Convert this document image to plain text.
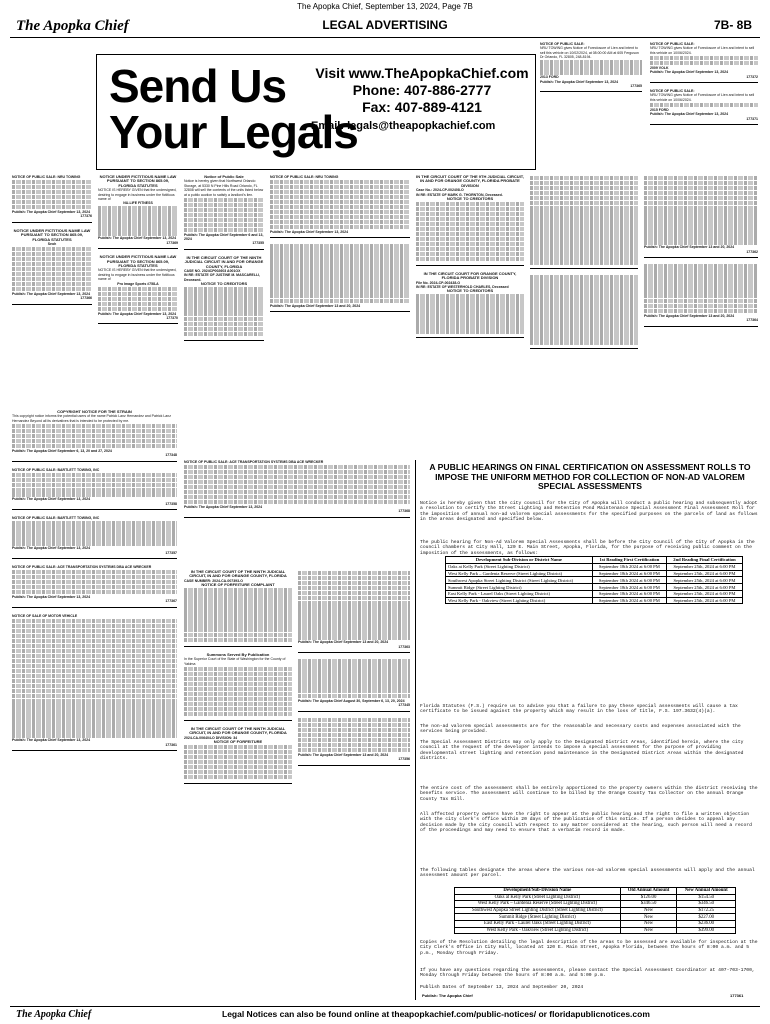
The Apopka Chief, September 13, 2024, Page 7B
The Apopka Chief	LEGAL ADVERTISING	7B- 8B
Send Us
Your Legals
Visit www.TheApopkaChief.com
Phone: 407-886-2777
Fax: 407-889-4121
Email: legals@theapopkachief.com
NOTICE OF PUBLIC SALE:
NRU TOWING gives Notice of Foreclosure of Lien and intent to sell this vehicle on 10/02/2024, at 08:00:00 AM at 605 Ferguson Dr Orlando, FL 32805, 248-8194.
2013 FORD
Publish: The Apopka Chief September 13, 2024
177365
NOTICE OF PUBLIC SALE:
NRU TOWING gives Notice of Foreclosure of Lien and intent to sell this vehicle on 10/06/2024.
2009 VOLK
Publish: The Apopka Chief September 13, 2024
177372
NOTICE OF PUBLIC SALE:
NRU TOWING gives Notice of Foreclosure of Lien and intent to sell this vehicle on 10/06/2024.
2015 FORD
Publish: The Apopka Chief September 13, 2024
177371
NOTICE OF PUBLIC SALE: NRU TOWING
Publish: The Apopka Chief September 13, 2024
177376
NOTICE UNDER FICTITIOUS NAME LAW PURSUANT TO SECTION 865.09, FLORIDA STATUTES
Seoh
Publish: The Apopka Chief September 13, 2024
177366
NOTICE UNDER FICTITIOUS NAME LAW PURSUANT TO SECTION 865.09, FLORIDA STATUTES
NOTICE IS HEREBY GIVEN that the undersigned, desiring to engage in business under the fictitious name of
NU-LIFE FITNESS
Publish: The Apopka Chief September 13, 2024
177369
NOTICE UNDER FICTITIOUS NAME LAW PURSUANT TO SECTION 865.09, FLORIDA STATUTES
NOTICE IS HEREBY GIVEN that the undersigned, desiring to engage in business under the fictitious name of
Pro Image Sports #758-A
Publish: The Apopka Chief September 13, 2024
177370
Notice of Public Sale
Notice is hereby given that Northwest Orlando Storage, at 5330 N Pine Hills Road Orlando, FL 32808 will sell the contents of the units listed below at a public auction to satisfy a landlord's lien.
Publish: The Apopka Chief September 6 and 13, 2024
177355
IN THE CIRCUIT COURT OF THE NINTH JUDICIAL CIRCUIT IN AND FOR ORANGE COUNTY, FLORIDA
CASE NO. 2024CP002603 A001OX
IN RE: ESTATE OF JUSTINE M. MASCARELLI, Deceased.
NOTICE TO CREDITORS
NOTICE OF PUBLIC SALE: NRU TOWING
Publish: The Apopka Chief September 13, 2024
Publish: The Apopka Chief September 13 and 20, 2024
IN THE CIRCUIT COURT OF THE 9TH JUDICIAL CIRCUIT, IN AND FOR ORANGE COUNTY, FLORIDA PROBATE DIVISION
Case No.: 2024-CP-002408-O
IN RE: ESTATE OF MARK G. THORNTON, Deceased.
NOTICE TO CREDITORS
IN THE CIRCUIT COURT FOR ORANGE COUNTY, FLORIDA PROBATE DIVISION
File No. 2024-CP-002438-O
IN RE: ESTATE OF WESTERHOLD CHARLES, Deceased
NOTICE TO CREDITORS
Publish: The Apopka Chief September 13 and 20, 2024
177362
Publish: The Apopka Chief September 13 and 20, 2024
177364
COPYRIGHT NOTICE FOR THE STRAIN
This copyright notice informs the potential users of the name Patrick Lanz Hernandez and Patrick Lanz Hernandez Beyond all its derivatives that is intended to be protected by me.
Publish: The Apopka Chief September 6, 13, 20 and 27, 2024
177348
NOTICE OF PUBLIC SALE: BARTLETT TOWING, INC
Publish: The Apopka Chief September 13, 2024
177358
NOTICE OF PUBLIC SALE: BARTLETT TOWING, INC
Publish: The Apopka Chief September 13, 2024
177357
NOTICE OF PUBLIC SALE: ACE TRANSPORTATION SYSTEMS DBA ACE WRECKER
Publish: The Apopka Chief September 13, 2024
177367
NOTICE OF SALE OF MOTOR VEHICLE
Publish: The Apopka Chief September 13, 2024
177361
NOTICE OF PUBLIC SALE: ACE TRANSPORTATION SYSTEMS DBA ACE WRECKER
Publish: The Apopka Chief September 13, 2024
177368
IN THE CIRCUIT COURT OF THE NINTH JUDICIAL CIRCUIT, IN AND FOR ORANGE COUNTY, FLORIDA
CASE NUMBER: 2024-CA-007393-O
NOTICE OF FORFEITURE COMPLAINT
Summons Served By Publication
In the Superior Court of the State of Washington for the County of Yakima
IN THE CIRCUIT COURT OF THE NINTH JUDICIAL CIRCUIT, IN AND FOR ORANGE COUNTY, FLORIDA
2024-CA-006404-O DIVISION: 34
NOTICE OF FORFEITURE
Publish: The Apopka Chief September 13 and 20, 2024
177363
Publish: The Apopka Chief August 30, September 6, 13, 20, 2024
177345
Publish: The Apopka Chief September 13 and 20, 2024
177356
A PUBLIC HEARINGS ON FINAL CERTIFICATION ON ASSESSMENT ROLLS TO IMPOSE THE UNIFORM METHOD FOR COLLECTION OF NON-AD VALOREM SPECIAL ASSESSMENTS
Notice is hereby given that the city council for the City of Apopka will conduct a public hearing and subsequently adopt a resolution to certify the Street Lighting and Retention Pond Maintenance Special Assessment Final Assessment Roll for the imposition of annual non-ad valorem special assessments for the specified purposes on the parcels of land as follows in the areas designated and specified below.
The public hearing for Non-Ad Valorem Special Assessments shall be before the City Council of the City of Apopka in the council chambers at City Hall, 120 E. Main Street, Apopka, Florida, for the purpose of receiving public comment on the imposition of the assessments, as follows:
Development Sub-Division or District Name	1st Reading First Certification	2nd Reading Final Certification
Oaks at Kelly Park (Street Lighting District)	September 18th 2024 at 6:00 PM	September 25th, 2024 at 6:00 PM
West Kelly Park – Gardenia Reserve (Street Lighting District)	September 18th 2024 at 6:00 PM	September 25th, 2024 at 6:00 PM
Southwest Apopka Street Lighting District (Street Lighting District)	September 18th 2024 at 6:00 PM	September 25th, 2024 at 6:00 PM
Summit Ridge (Street Lighting District)	September 18th 2024 at 6:00 PM	September 25th, 2024 at 6:00 PM
East Kelly Park - Laurel Oaks (Street Lighting District)	September 18th 2024 at 6:00 PM	September 25th, 2024 at 6:00 PM
West Kelly Park - Oakview (Street Lighting District)	September 18th 2024 at 6:00 PM	September 25th, 2024 at 6:00 PM
Florida Statutes (F.S.) require us to advise you that a failure to pay these special assessments will cause a tax certificate to be issued against the property which may result in the loss of title, F.S. 197.3632(4)(a).
The non-ad valorem special assessments are for the reasonable and necessary costs and expenses associated with the services being provided.
The Special Assessment Districts may only apply to the Designated District Areas, identified herein, where the city council at the request of the developer intends to impose a special assessment for the purpose of providing developmental street lighting and retention pond maintenance in the Designated District Areas within the designated districts.
The entire cost of the assessment shall be entirely apportioned to the property owners within the district receiving the benefits service. The assessment will continue to be billed by the Orange County Tax Collector on the annual Orange County Tax Bill.
All affected property owners have the right to appear at the public hearing and the right to file a written objection with the city clerk's office within 20 days of the publication of this notice. If a person decides to appeal any decision made by the city council with respect to any matter considered at the hearing, such person will need a record of the proceedings and may need to ensure that a verbatim record is made.
The following tables designate the areas where the various non-ad valorem special assessments will apply and the annual assessment amount per parcel.
Development/Sub-Division Name	Old Annual Amount	New Annual Amount
Oaks at Kelly Park (Street Lighting District)	$126.00	$154.50
West Kelly Park – Gardenia Reserve (Street Lighting District)	$346.50	$346.50
Southwest Apopka Street Lighting District (Street Lighting District)	New	$172.25
Summit Ridge (Street Lighting District)	New	$227.00
East Kelly Park - Laurel Oaks (Street Lighting District)	New	$236.00
West Kelly Park - Oakview (Street Lighting District)	New	$399.00
Copies of the Resolution detailing the legal description of the areas to be assessed are available for inspection at the City Clerk's Office in City Hall, located at 120 E. Main Street, Apopka Florida, between the hours of 8:00 a.m. and 5 p.m., Monday through Friday.
If you have any questions regarding the assessments, please contact the Special Assessment Coordinator at 407-703-1700, Monday through Friday between the hours of 8:00 a.m. and 5:00 p.m.
Publish Dates of September 13, 2024 and September 20, 2024
Publish: The Apopka Chief	177361
The Apopka Chief	Legal Notices can also be found online at theapopkachief.com/public-notices/ or floridapublicnotices.com
